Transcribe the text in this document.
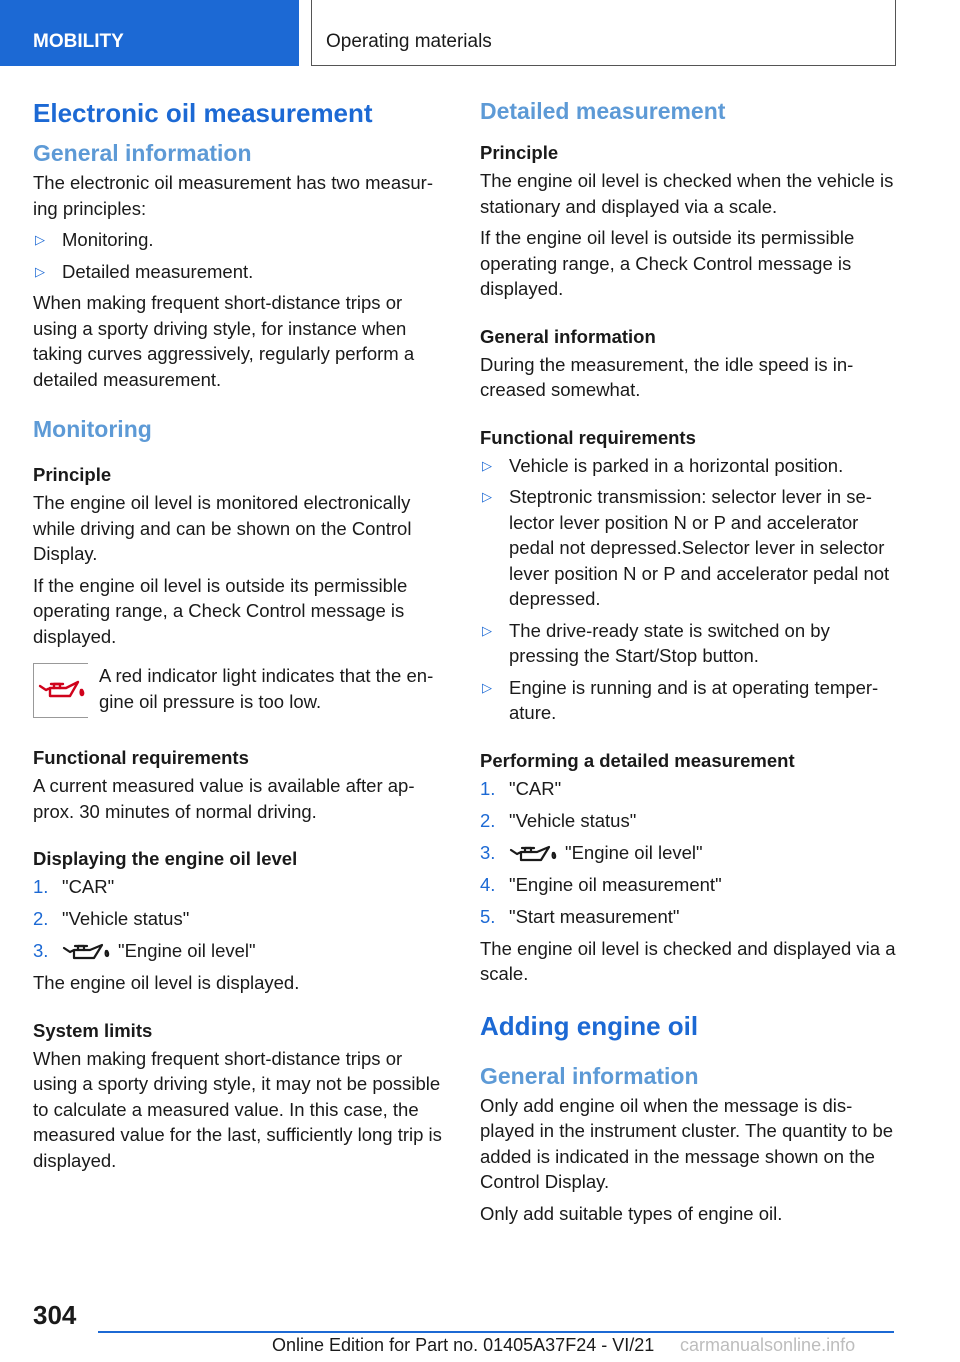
MOBILITY	Operating materials
Electronic oil measurement
General information

The electronic oil measurement has two measuring principles:

▷ Monitoring.
▷ Detailed measurement.

When making frequent short-distance trips or using a sporty driving style, for instance when taking curves aggressively, regularly perform a detailed measurement.

Monitoring
Principle

The engine oil level is monitored electronically while driving and can be shown on the Control Display.

If the engine oil level is outside its permissible operating range, a Check Control message is displayed.

A red indicator light indicates that the engine oil pressure is too low.

Functional requirements

A current measured value is available after approx. 30 minutes of normal driving.

Displaying the engine oil level
1. "CAR"
2. "Vehicle status"
3.	"Engine oil level"

The engine oil level is displayed.

System limits

When making frequent short-distance trips or using a sporty driving style, it may not be possible to calculate a measured value. In this case, the measured value for the last, sufficiently long trip is displayed.

Detailed measurement
Principle

The engine oil level is checked when the vehicle is stationary and displayed via a scale.

If the engine oil level is outside its permissible operating range, a Check Control message is displayed.

General information

During the measurement, the idle speed is increased somewhat.

Functional requirements
▷ Vehicle is parked in a horizontal position.
▷ Steptronic transmission: selector lever in selector lever position N or P and accelerator pedal not depressed.Selector lever in selector lever position N or P and accelerator pedal not depressed.
▷ The drive-ready state is switched on by pressing the Start/Stop button.
▷ Engine is running and is at operating temperature.
Performing a detailed measurement
1. "CAR"
2. "Vehicle status"
3.	"Engine oil level"
4. "Engine oil measurement"
5. "Start measurement"

The engine oil level is checked and displayed via a scale.

Adding engine oil
General information

Only add engine oil when the message is displayed in the instrument cluster. The quantity to be added is indicated in the message shown on the Control Display.

Only add suitable types of engine oil.

304
Online Edition for Part no. 01405A37F24 - VI/21 carmanualsonline.info
